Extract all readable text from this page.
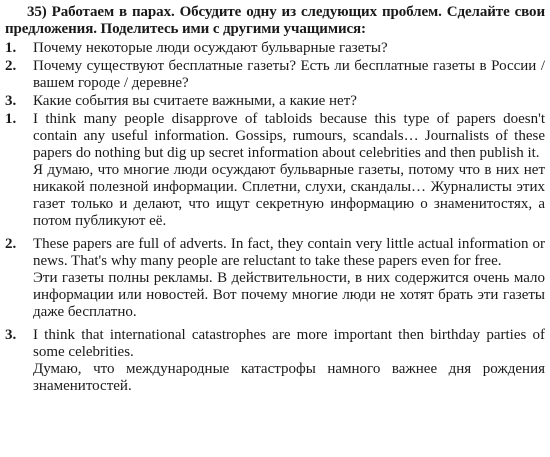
35) Работаем в парах. Обсудите одну из следующих проблем. Сделайте свои предложения. Поделитесь ими с другими учащимися:

1.	Почему некоторые люди осуждают бульварные газеты?
2.	Почему существуют бесплатные газеты? Есть ли бесплатные газеты в России / вашем городе / деревне?
3.	Какие события вы считаете важными, а какие нет?
1.	I think many people disapprove of tabloids because this type of papers doesn't contain any useful information. Gossips, rumours, scandals… Journalists of these papers do nothing but dig up secret information about celebrities and then publish it.

Я думаю, что многие люди осуждают бульварные газеты, потому что в них нет никакой полезной информации. Сплетни, слухи, скандалы… Журналисты этих газет только и делают, что ищут секретную информацию о знаменитостях, а потом публикуют её.

2.	These papers are full of adverts. In fact, they contain very little actual information or news. That's why many people are reluctant to take these papers even for free.

Эти газеты полны рекламы. В действительности, в них содержится очень мало информации или новостей. Вот почему многие люди не хотят брать эти газеты даже бесплатно.

3.	I think that international catastrophes are more important then birthday parties of some celebrities.

Думаю, что международные катастрофы намного важнее дня рождения знаменитостей.
